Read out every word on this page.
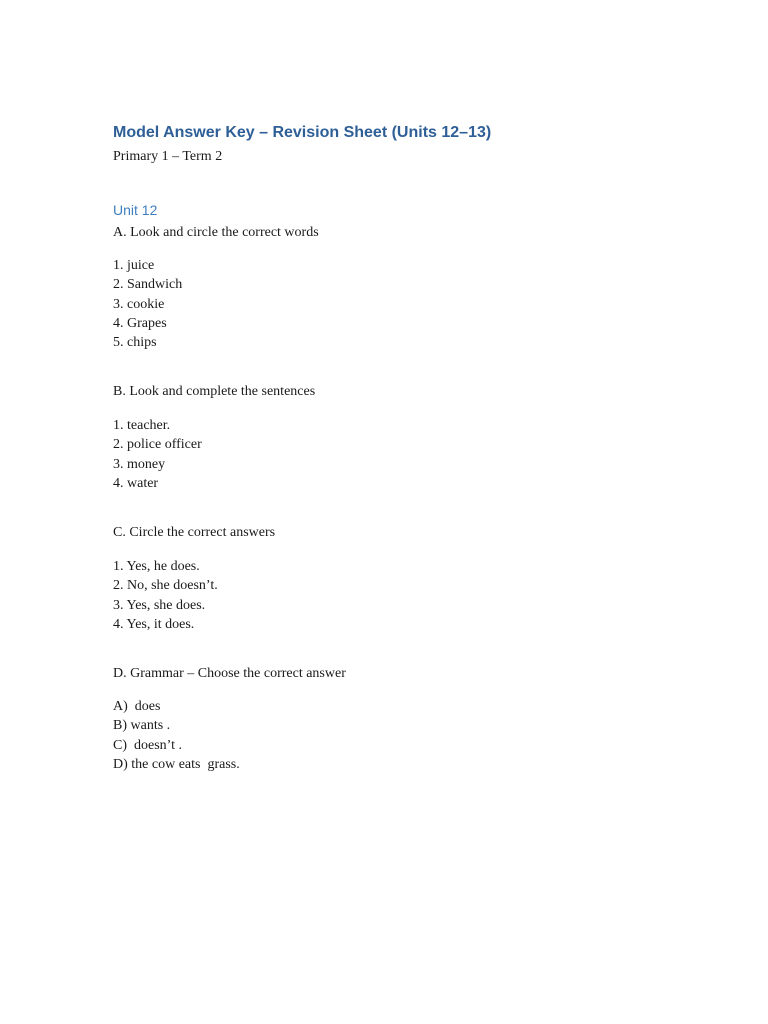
Model Answer Key – Revision Sheet (Units 12–13)

Primary 1 – Term 2

Unit 12
A. Look and circle the correct words
1. juice
2. Sandwich
3. cookie
4. Grapes
5. chips
B. Look and complete the sentences
1. teacher.
2. police officer
3. money
4. water
C. Circle the correct answers
1. Yes, he does.
2. No, she doesn’t.
3. Yes, she does.
4. Yes, it does.
D. Grammar – Choose the correct answer
A)  does
B) wants .
C)  doesn’t .
D) the cow eats  grass.
